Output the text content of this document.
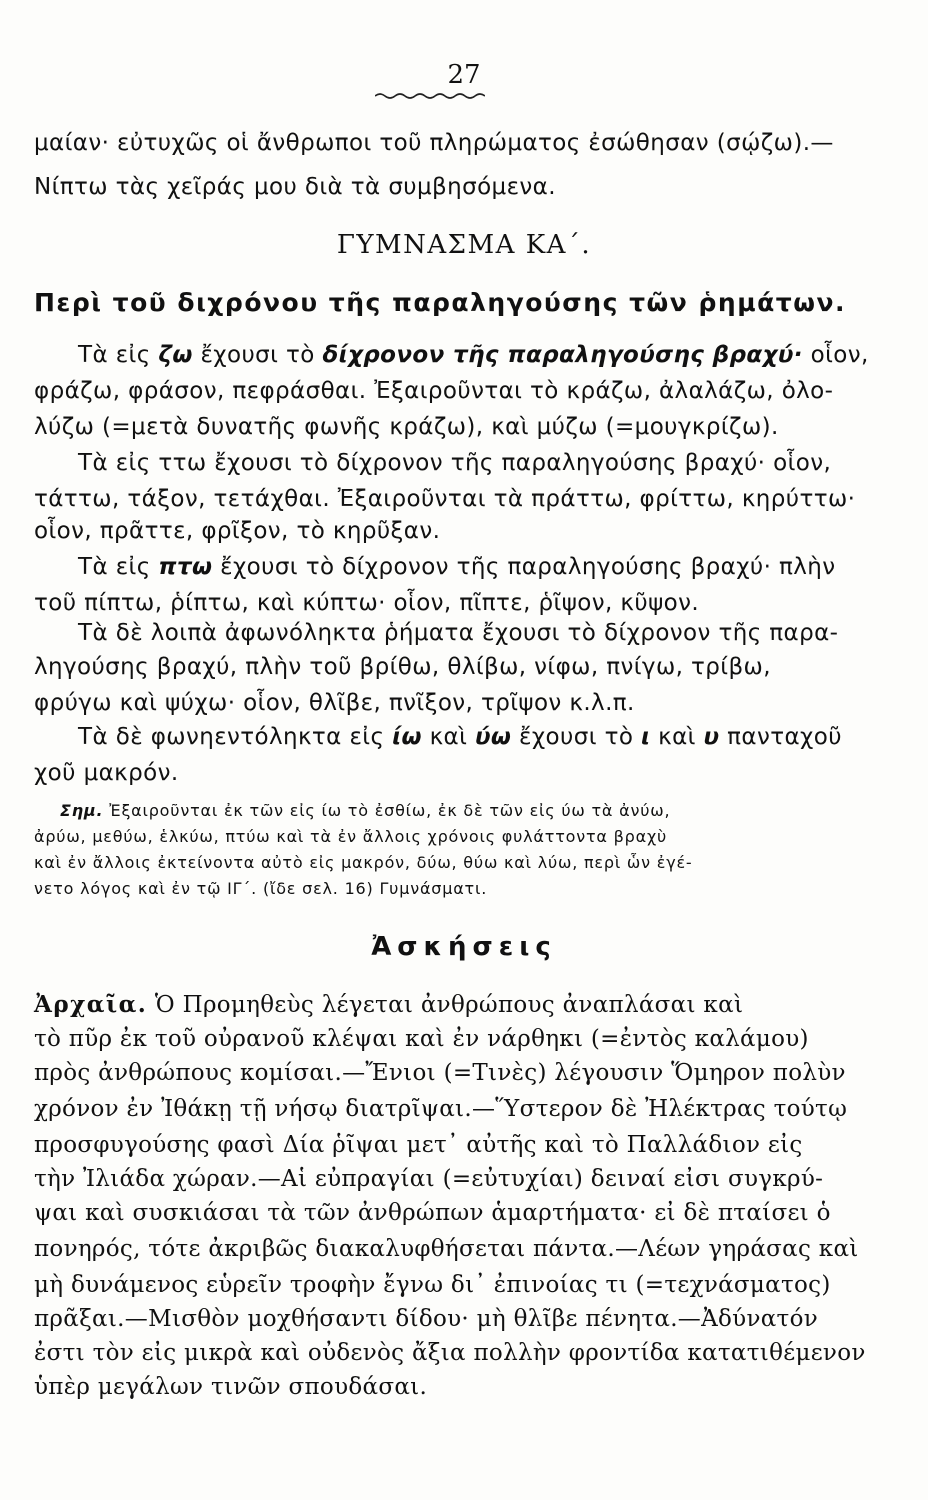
27
μαίαν· εὐτυχῶς οἱ ἄνθρωποι τοῦ πληρώματος ἐσώθησαν (σῴζω).—
Νίπτω τὰς χεῖράς μου διὰ τὰ συμβησόμενα.
ΓΥΜΝΑΣΜΑ ΚΑ΄.
Περὶ τοῦ διχρόνου τῆς παραληγούσης τῶν ῥημάτων.
Τὰ εἰς ζω ἔχουσι τὸ δίχρονον τῆς παραληγούσης βραχύ· οἷον,
φράζω, φράσον, πεφράσθαι. Ἐξαιροῦνται τὸ κράζω, ἀλαλάζω, ὀλο-
λύζω (=μετὰ δυνατῆς φωνῆς κράζω), καὶ μύζω (=μουγκρίζω).
Τὰ εἰς ττω ἔχουσι τὸ δίχρονον τῆς παραληγούσης βραχύ· οἷον,
τάττω, τάξον, τετάχθαι. Ἐξαιροῦνται τὰ πράττω, φρίττω, κηρύττω·
οἷον, πρᾶττε, φρῖξον, τὸ κηρῦξαν.
Τὰ εἰς πτω ἔχουσι τὸ δίχρονον τῆς παραληγούσης βραχύ· πλὴν
τοῦ πίπτω, ῥίπτω, καὶ κύπτω· οἷον, πῖπτε, ῥῖψον, κῦψον.
Τὰ δὲ λοιπὰ ἀφωνόληκτα ῥήματα ἔχουσι τὸ δίχρονον τῆς παρα-
ληγούσης βραχύ, πλὴν τοῦ βρίθω, θλίβω, νίφω, πνίγω, τρίβω,
φρύγω καὶ ψύχω· οἷον, θλῖβε, πνῖξον, τρῖψον κ.λ.π.
Τὰ δὲ φωνηεντόληκτα εἰς ίω καὶ ύω ἔχουσι τὸ ι καὶ υ πανταχοῦ
χοῦ μακρόν.
Σημ. Ἐξαιροῦνται ἐκ τῶν εἰς ίω τὸ ἐσθίω, ἐκ δὲ τῶν εἰς ύω τὰ ἀνύω,
ἀρύω, μεθύω, ἑλκύω, πτύω καὶ τὰ ἐν ἄλλοις χρόνοις φυλάττοντα βραχὺ
καὶ ἐν ἄλλοις ἐκτείνοντα αὐτὸ εἰς μακρόν, δύω, θύω καὶ λύω, περὶ ὧν ἐγέ-
νετο λόγος καὶ ἐν τῷ ΙΓ΄. (ἴδε σελ. 16) Γυμνάσματι.
Ἀσκήσεις
Ἀρχαῖα. Ὁ Προμηθεὺς λέγεται ἀνθρώπους ἀναπλάσαι καὶ
τὸ πῦρ ἐκ τοῦ οὐρανοῦ κλέψαι καὶ ἐν νάρθηκι (=ἐντὸς καλάμου)
πρὸς ἀνθρώπους κομίσαι.—Ἔνιοι (=Τινὲς) λέγουσιν Ὅμηρον πολὺν
χρόνον ἐν Ἰθάκῃ τῇ νήσῳ διατρῖψαι.—Ὕστερον δὲ Ἠλέκτρας τούτῳ
προσφυγούσης φασὶ Δία ῥῖψαι μετ᾽ αὐτῆς καὶ τὸ Παλλάδιον εἰς
τὴν Ἰλιάδα χώραν.—Αἱ εὐπραγίαι (=εὐτυχίαι) δειναί εἰσι συγκρύ-
ψαι καὶ συσκιάσαι τὰ τῶν ἀνθρώπων ἁμαρτήματα· εἰ δὲ πταίσει ὁ
πονηρός, τότε ἀκριβῶς διακαλυφθήσεται πάντα.—Λέων γηράσας καὶ
μὴ δυνάμενος εὑρεῖν τροφὴν ἔγνω δι᾽ ἐπινοίας τι (=τεχνάσματος)
πρᾶξαι.—Μισθὸν μοχθήσαντι δίδου· μὴ θλῖβε πένητα.—Ἀδύνατόν
ἐστι τὸν εἰς μικρὰ καὶ οὐδενὸς ἄξια πολλὴν φροντίδα κατατιθέμενον
ὑπὲρ μεγάλων τινῶν σπουδάσαι.
